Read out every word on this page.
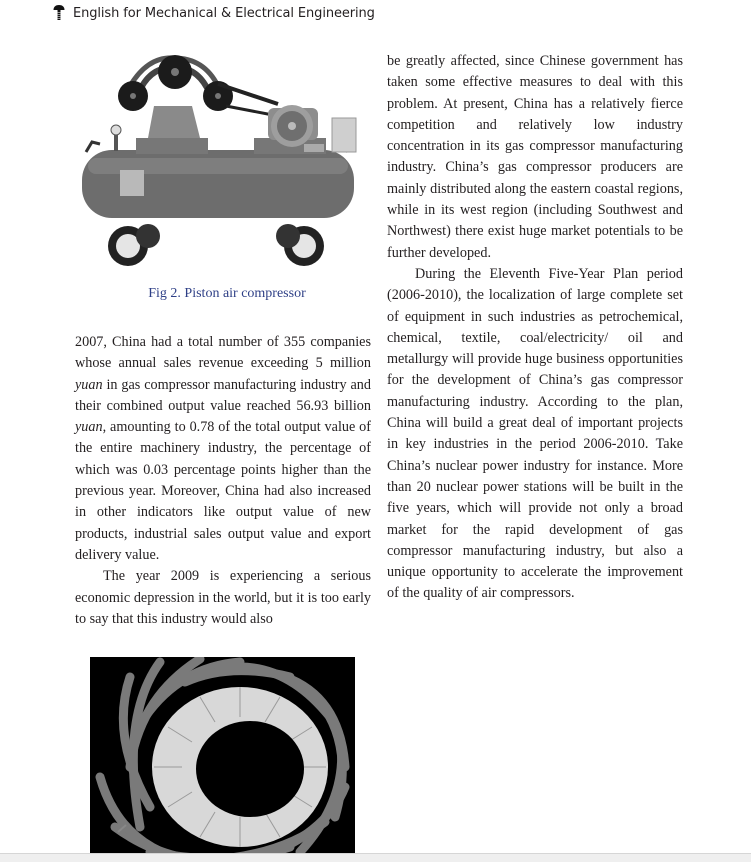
English for Mechanical & Electrical Engineering
Fig 2. Piston air compressor

2007, China had a total number of 355 companies whose annual sales revenue exceeding 5 million yuan in gas compressor manufacturing industry and their combined output value reached 56.93 billion yuan, amounting to 0.78 of the total output value of the entire machinery industry, the percentage of which was 0.03 percentage points higher than the previous year. Moreover, China had also increased in other indicators like output value of new products, industrial sales output value and export delivery value.

The year 2009 is experiencing a serious economic depression in the world, but it is too early to say that this industry would also

be greatly affected, since Chinese government has taken some effective measures to deal with this problem. At present, China has a relatively fierce competition and relatively low industry concentration in its gas compressor manufacturing industry. China’s gas compressor producers are mainly distributed along the eastern coastal regions, while in its west region (including Southwest and Northwest) there exist huge market potentials to be further developed.

During the Eleventh Five-Year Plan period (2006-2010), the localization of large complete set of equipment in such industries as petrochemical, chemical, textile, coal/electricity/ oil and metallurgy will provide huge business opportunities for the development of China’s gas compressor manufacturing industry. According to the plan, China will build a great deal of important projects in key industries in the period 2006-2010. Take China’s nuclear power industry for instance. More than 20 nuclear power stations will be built in the five years, which will provide not only a broad market for the rapid development of gas compressor manufacturing industry, but also a unique opportunity to accelerate the improvement of the quality of air compressors.
